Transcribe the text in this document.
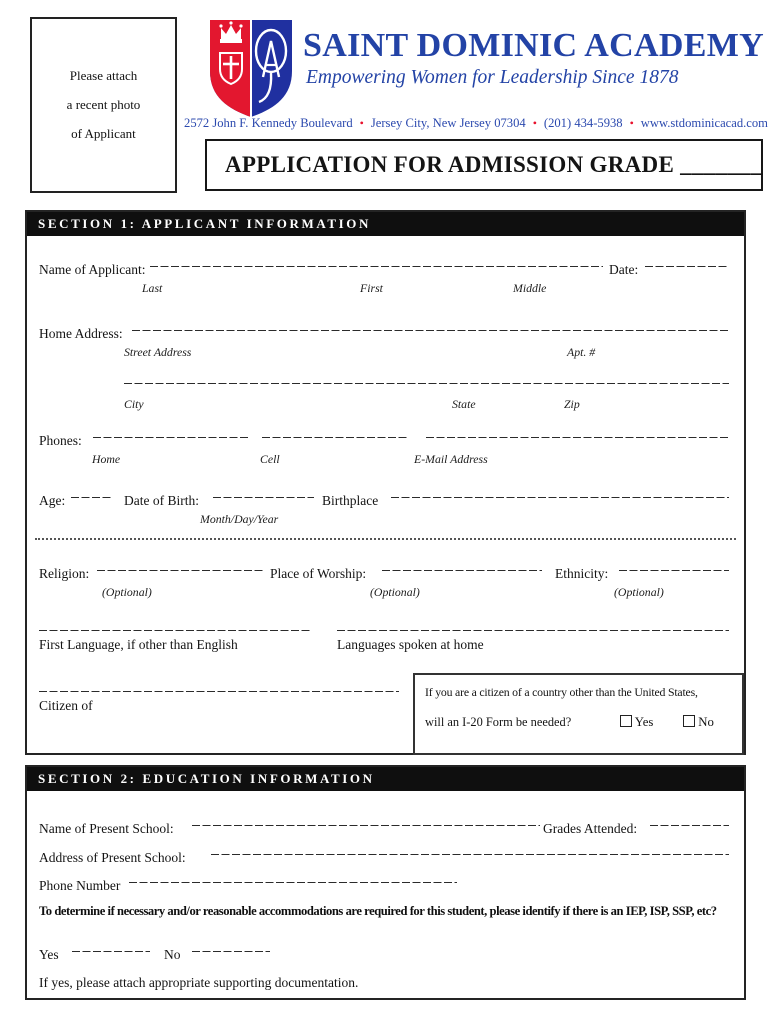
Please attach
a recent photo
of Applicant
SAINT DOMINIC ACADEMY
Empowering Women for Leadership Since 1878
2572 John F. Kennedy Boulevard • Jersey City, New Jersey 07304 • (201) 434-5938 • www.stdominicacad.com
APPLICATION FOR ADMISSION GRADE _______
SECTION 1: APPLICANT INFORMATION
Name of Applicant:	Date:
Last	First	Middle
Home Address:
Street Address	Apt. #
City	State	Zip
Phones:
Home	Cell	E-Mail Address
Age:	Date of Birth:
Month/Day/Year
Birthplace
Religion:
(Optional)
Place of Worship:
(Optional)
Ethnicity:
(Optional)
First Language, if other than English	Languages spoken at home
Citizen of
If you are a citizen of a country other than the United States,
will an I-20 Form be needed?	Yes	No
SECTION 2: EDUCATION INFORMATION
Name of Present School:	Grades Attended:
Address of Present School:
Phone Number
To determine if necessary and/or reasonable accommodations are required for this student, please identify if there is an IEP, ISP, SSP, etc?
Yes	No
If yes, please attach appropriate supporting documentation.
